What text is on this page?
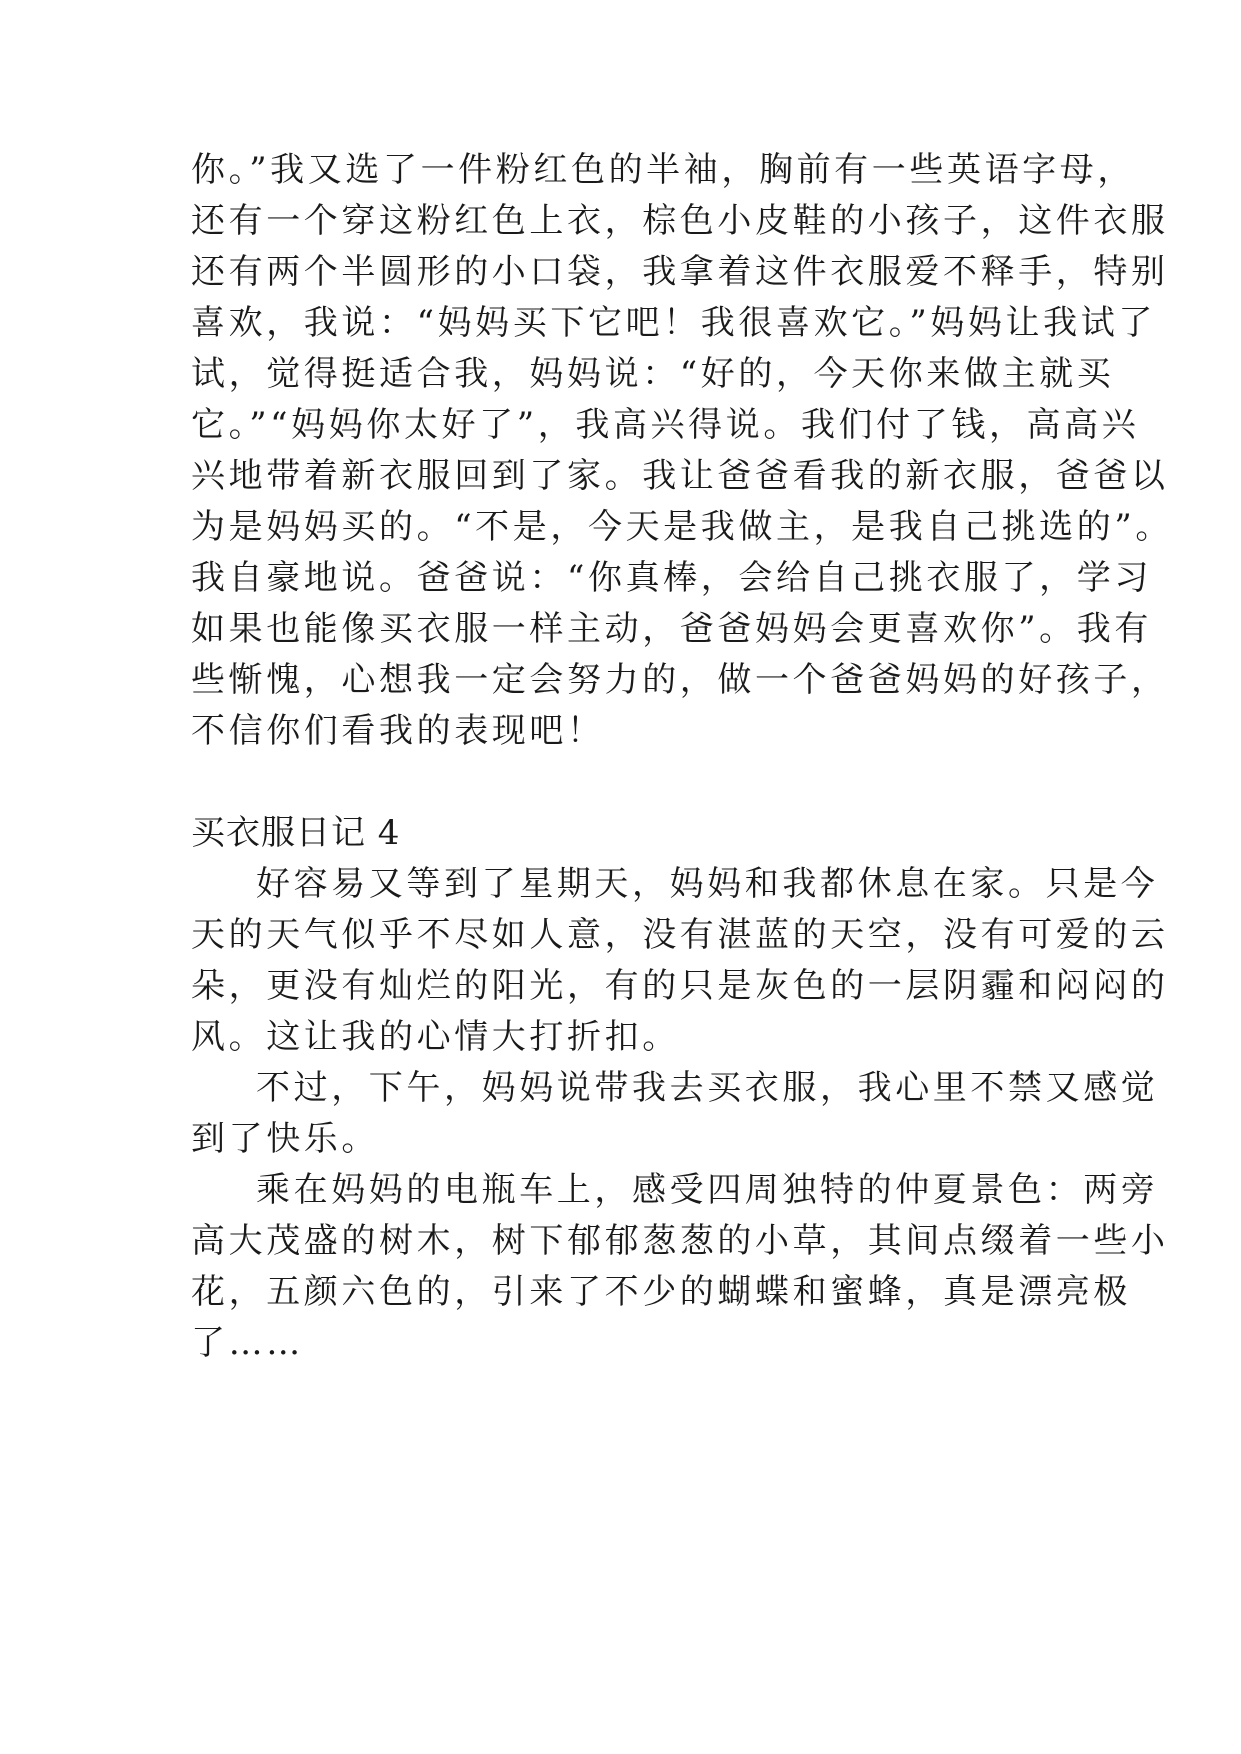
你。”我又选了一件粉红色的半袖，胸前有一些英语字母，
还有一个穿这粉红色上衣，棕色小皮鞋的小孩子，这件衣服
还有两个半圆形的小口袋，我拿着这件衣服爱不释手，特别
喜欢，我说：“妈妈买下它吧！我很喜欢它。”妈妈让我试了
试，觉得挺适合我，妈妈说：“好的，今天你来做主就买
它。”“妈妈你太好了”，我高兴得说。我们付了钱，高高兴
兴地带着新衣服回到了家。我让爸爸看我的新衣服，爸爸以
为是妈妈买的。“不是，今天是我做主，是我自己挑选的”。
我自豪地说。爸爸说：“你真棒，会给自己挑衣服了，学习
如果也能像买衣服一样主动，爸爸妈妈会更喜欢你”。我有
些惭愧，心想我一定会努力的，做一个爸爸妈妈的好孩子，
不信你们看我的表现吧！
买衣服日记 4
好容易又等到了星期天，妈妈和我都休息在家。只是今
天的天气似乎不尽如人意，没有湛蓝的天空，没有可爱的云
朵，更没有灿烂的阳光，有的只是灰色的一层阴霾和闷闷的
风。这让我的心情大打折扣。
不过，下午，妈妈说带我去买衣服，我心里不禁又感觉
到了快乐。
乘在妈妈的电瓶车上，感受四周独特的仲夏景色：两旁
高大茂盛的树木，树下郁郁葱葱的小草，其间点缀着一些小
花，五颜六色的，引来了不少的蝴蝶和蜜蜂，真是漂亮极
了……
